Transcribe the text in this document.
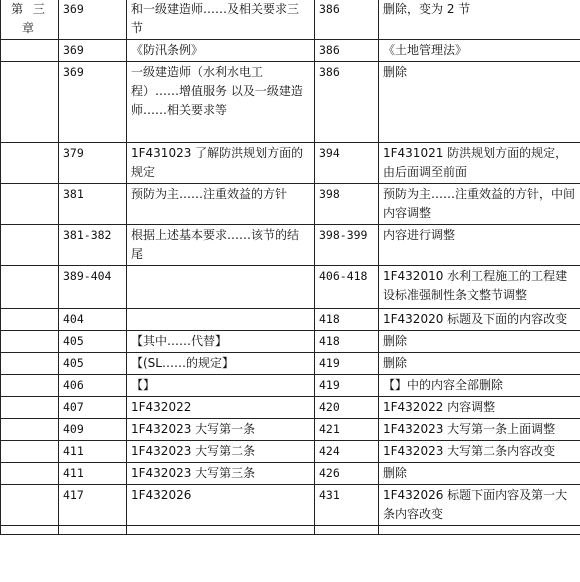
第 三 章	369	和一级建造师……及相关要求三节	386	删除，变为 2 节
	369	《防汛条例》	386	《土地管理法》
	369	一级建造师（水利水电工程）……增值服务 以及一级建造师……相关要求等	386	删除
	379	1F431023 了解防洪规划方面的规定	394	1F431021 防洪规划方面的规定，由后面调至前面
	381	预防为主……注重效益的方针	398	预防为主……注重效益的方针，中间内容调整
	381-382	根据上述基本要求……该节的结尾	398-399	内容进行调整
	389-404		406-418	1F432010 水利工程施工的工程建设标准强制性条文整节调整
	404		418	1F432020 标题及下面的内容改变
	405	【其中……代替】	418	删除
	405	【(SL……的规定】	419	删除
	406	【】	419	【】中的内容全部删除
	407	1F432022	420	1F432022 内容调整
	409	1F432023 大写第一条	421	1F432023 大写第一条上面调整
	411	1F432023 大写第二条	424	1F432023 大写第二条内容改变
	411	1F432023 大写第三条	426	删除
	417	1F432026	431	1F432026 标题下面内容及第一大条内容改变
